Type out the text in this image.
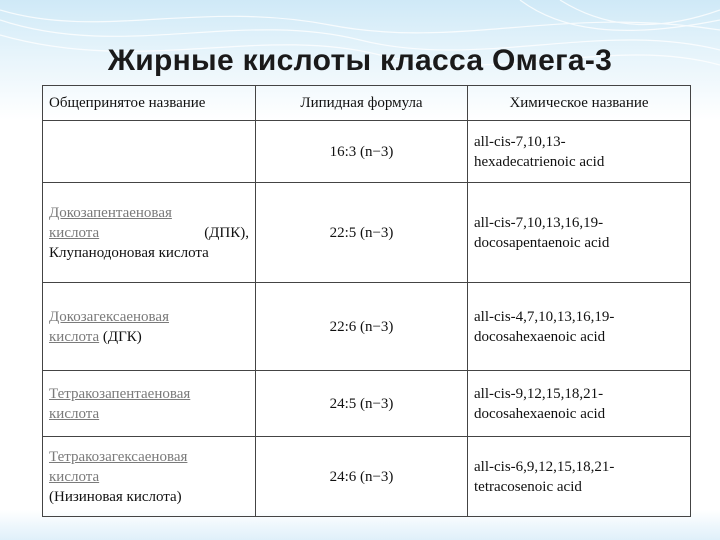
Жирные кислоты класса Омега-3
Общепринятое название	Липидная формула	Химическое название
	16:3 (n−3)	all-cis-7,10,13-
hexadecatrienoic acid
Докозапентаеновая

кислота (ДПК),
Клупанодоновая кислота	22:5 (n−3)	all-cis-7,10,13,16,19-
docosapentaenoic acid
Докозагексаеновая
кислота (ДГК)	22:6 (n−3)	all-cis-4,7,10,13,16,19-
docosahexaenoic acid
Тетракозапентаеновая
кислота	24:5 (n−3)	all-cis-9,12,15,18,21-
docosahexaenoic acid
Тетракозагексаеновая
кислота
(Низиновая кислота)	24:6 (n−3)	all-cis-6,9,12,15,18,21-
tetracosenoic acid
